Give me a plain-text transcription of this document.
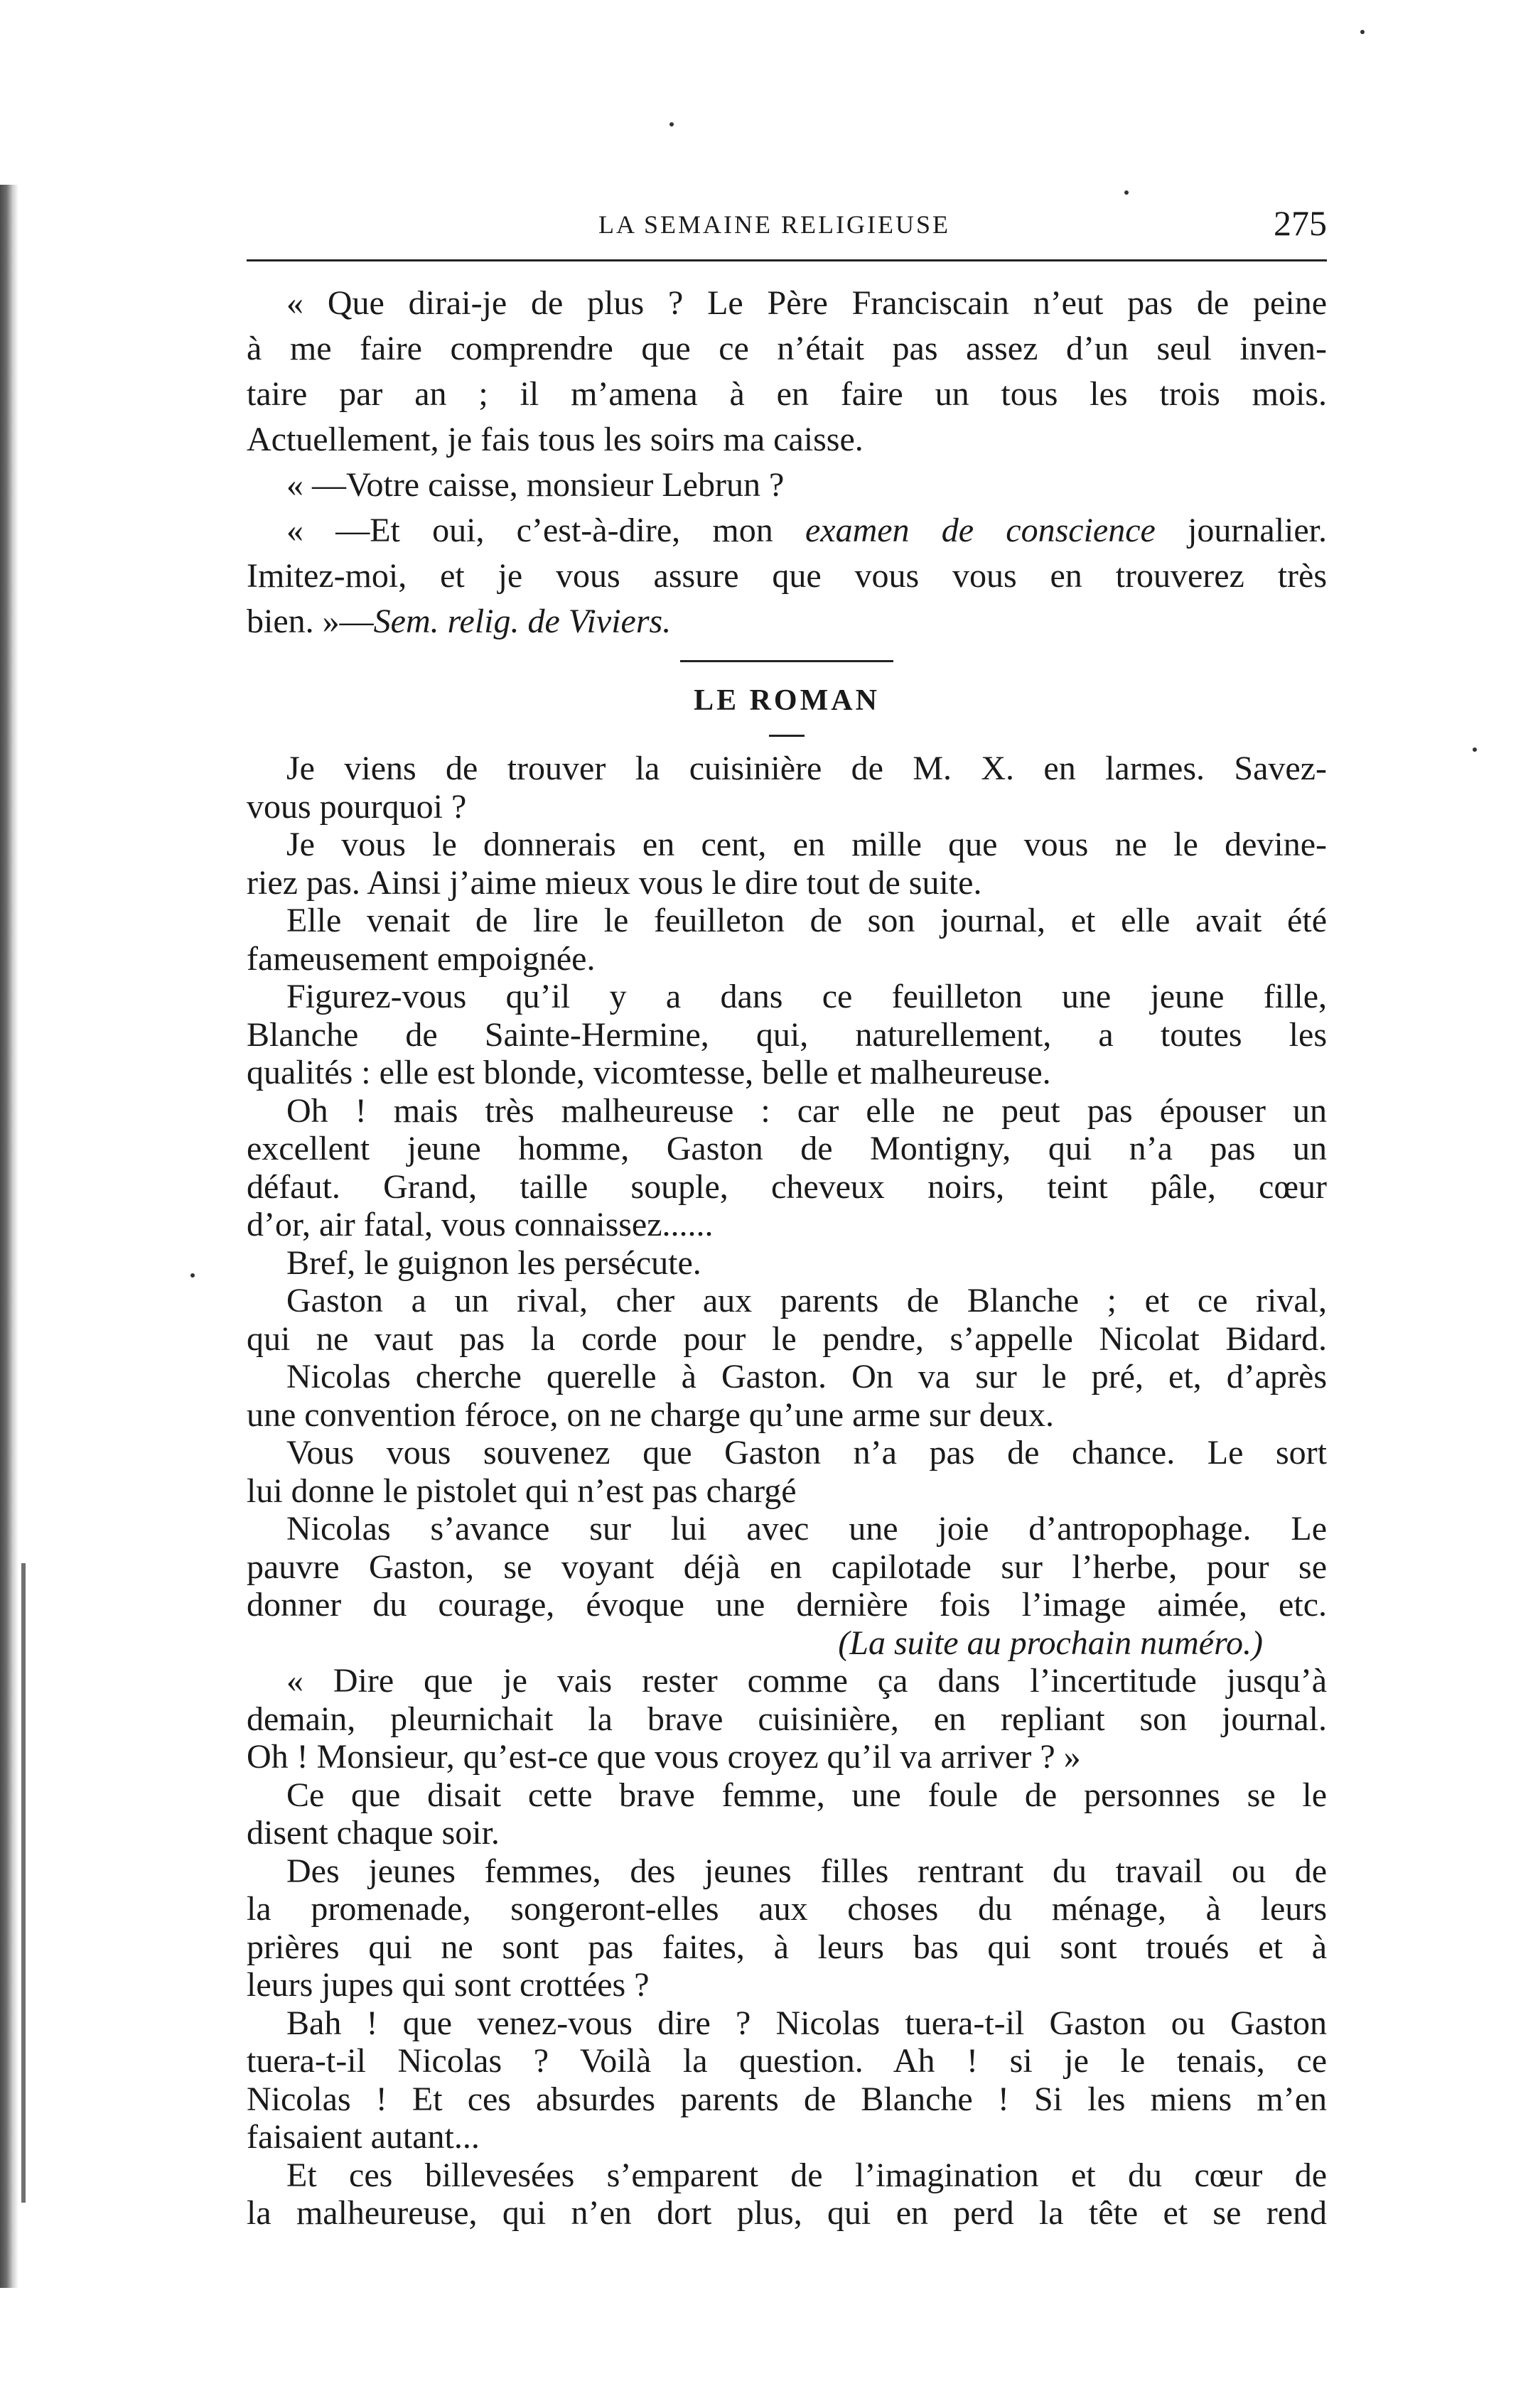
LA SEMAINE RELIGIEUSE	275
« Que dirai-je de plus ? Le Père Franciscain n’eut pas de peine
à me faire comprendre que ce n’était pas assez d’un seul inven-
taire par an ; il m’amena à en faire un tous les trois mois.
Actuellement, je fais tous les soirs ma caisse.
« —Votre caisse, monsieur Lebrun ?
« —Et oui, c’est-à-dire, mon examen de conscience journalier.
Imitez-moi, et je vous assure que vous vous en trouverez très
bien. »—Sem. relig. de Viviers.
LE ROMAN
Je viens de trouver la cuisinière de M. X. en larmes. Savez-
vous pourquoi ?
Je vous le donnerais en cent, en mille que vous ne le devine-
riez pas. Ainsi j’aime mieux vous le dire tout de suite.
Elle venait de lire le feuilleton de son journal, et elle avait été
fameusement empoignée.
Figurez-vous qu’il y a dans ce feuilleton une jeune fille,
Blanche de Sainte-Hermine, qui, naturellement, a toutes les
qualités : elle est blonde, vicomtesse, belle et malheureuse.
Oh ! mais très malheureuse : car elle ne peut pas épouser un
excellent jeune homme, Gaston de Montigny, qui n’a pas un
défaut. Grand, taille souple, cheveux noirs, teint pâle, cœur
d’or, air fatal, vous connaissez......
Bref, le guignon les persécute.
Gaston a un rival, cher aux parents de Blanche ; et ce rival,
qui ne vaut pas la corde pour le pendre, s’appelle Nicolat Bidard.
Nicolas cherche querelle à Gaston. On va sur le pré, et, d’après
une convention féroce, on ne charge qu’une arme sur deux.
Vous vous souvenez que Gaston n’a pas de chance. Le sort
lui donne le pistolet qui n’est pas chargé
Nicolas s’avance sur lui avec une joie d’antropophage. Le
pauvre Gaston, se voyant déjà en capilotade sur l’herbe, pour se
donner du courage, évoque une dernière fois l’image aimée, etc.
(La suite au prochain numéro.)
« Dire que je vais rester comme ça dans l’incertitude jusqu’à
demain, pleurnichait la brave cuisinière, en repliant son journal.
Oh ! Monsieur, qu’est-ce que vous croyez qu’il va arriver ? »
Ce que disait cette brave femme, une foule de personnes se le
disent chaque soir.
Des jeunes femmes, des jeunes filles rentrant du travail ou de
la promenade, songeront-elles aux choses du ménage, à leurs
prières qui ne sont pas faites, à leurs bas qui sont troués et à
leurs jupes qui sont crottées ?
Bah ! que venez-vous dire ? Nicolas tuera-t-il Gaston ou Gaston
tuera-t-il Nicolas ? Voilà la question. Ah ! si je le tenais, ce
Nicolas ! Et ces absurdes parents de Blanche ! Si les miens m’en
faisaient autant...
Et ces billevesées s’emparent de l’imagination et du cœur de
la malheureuse, qui n’en dort plus, qui en perd la tête et se rend
